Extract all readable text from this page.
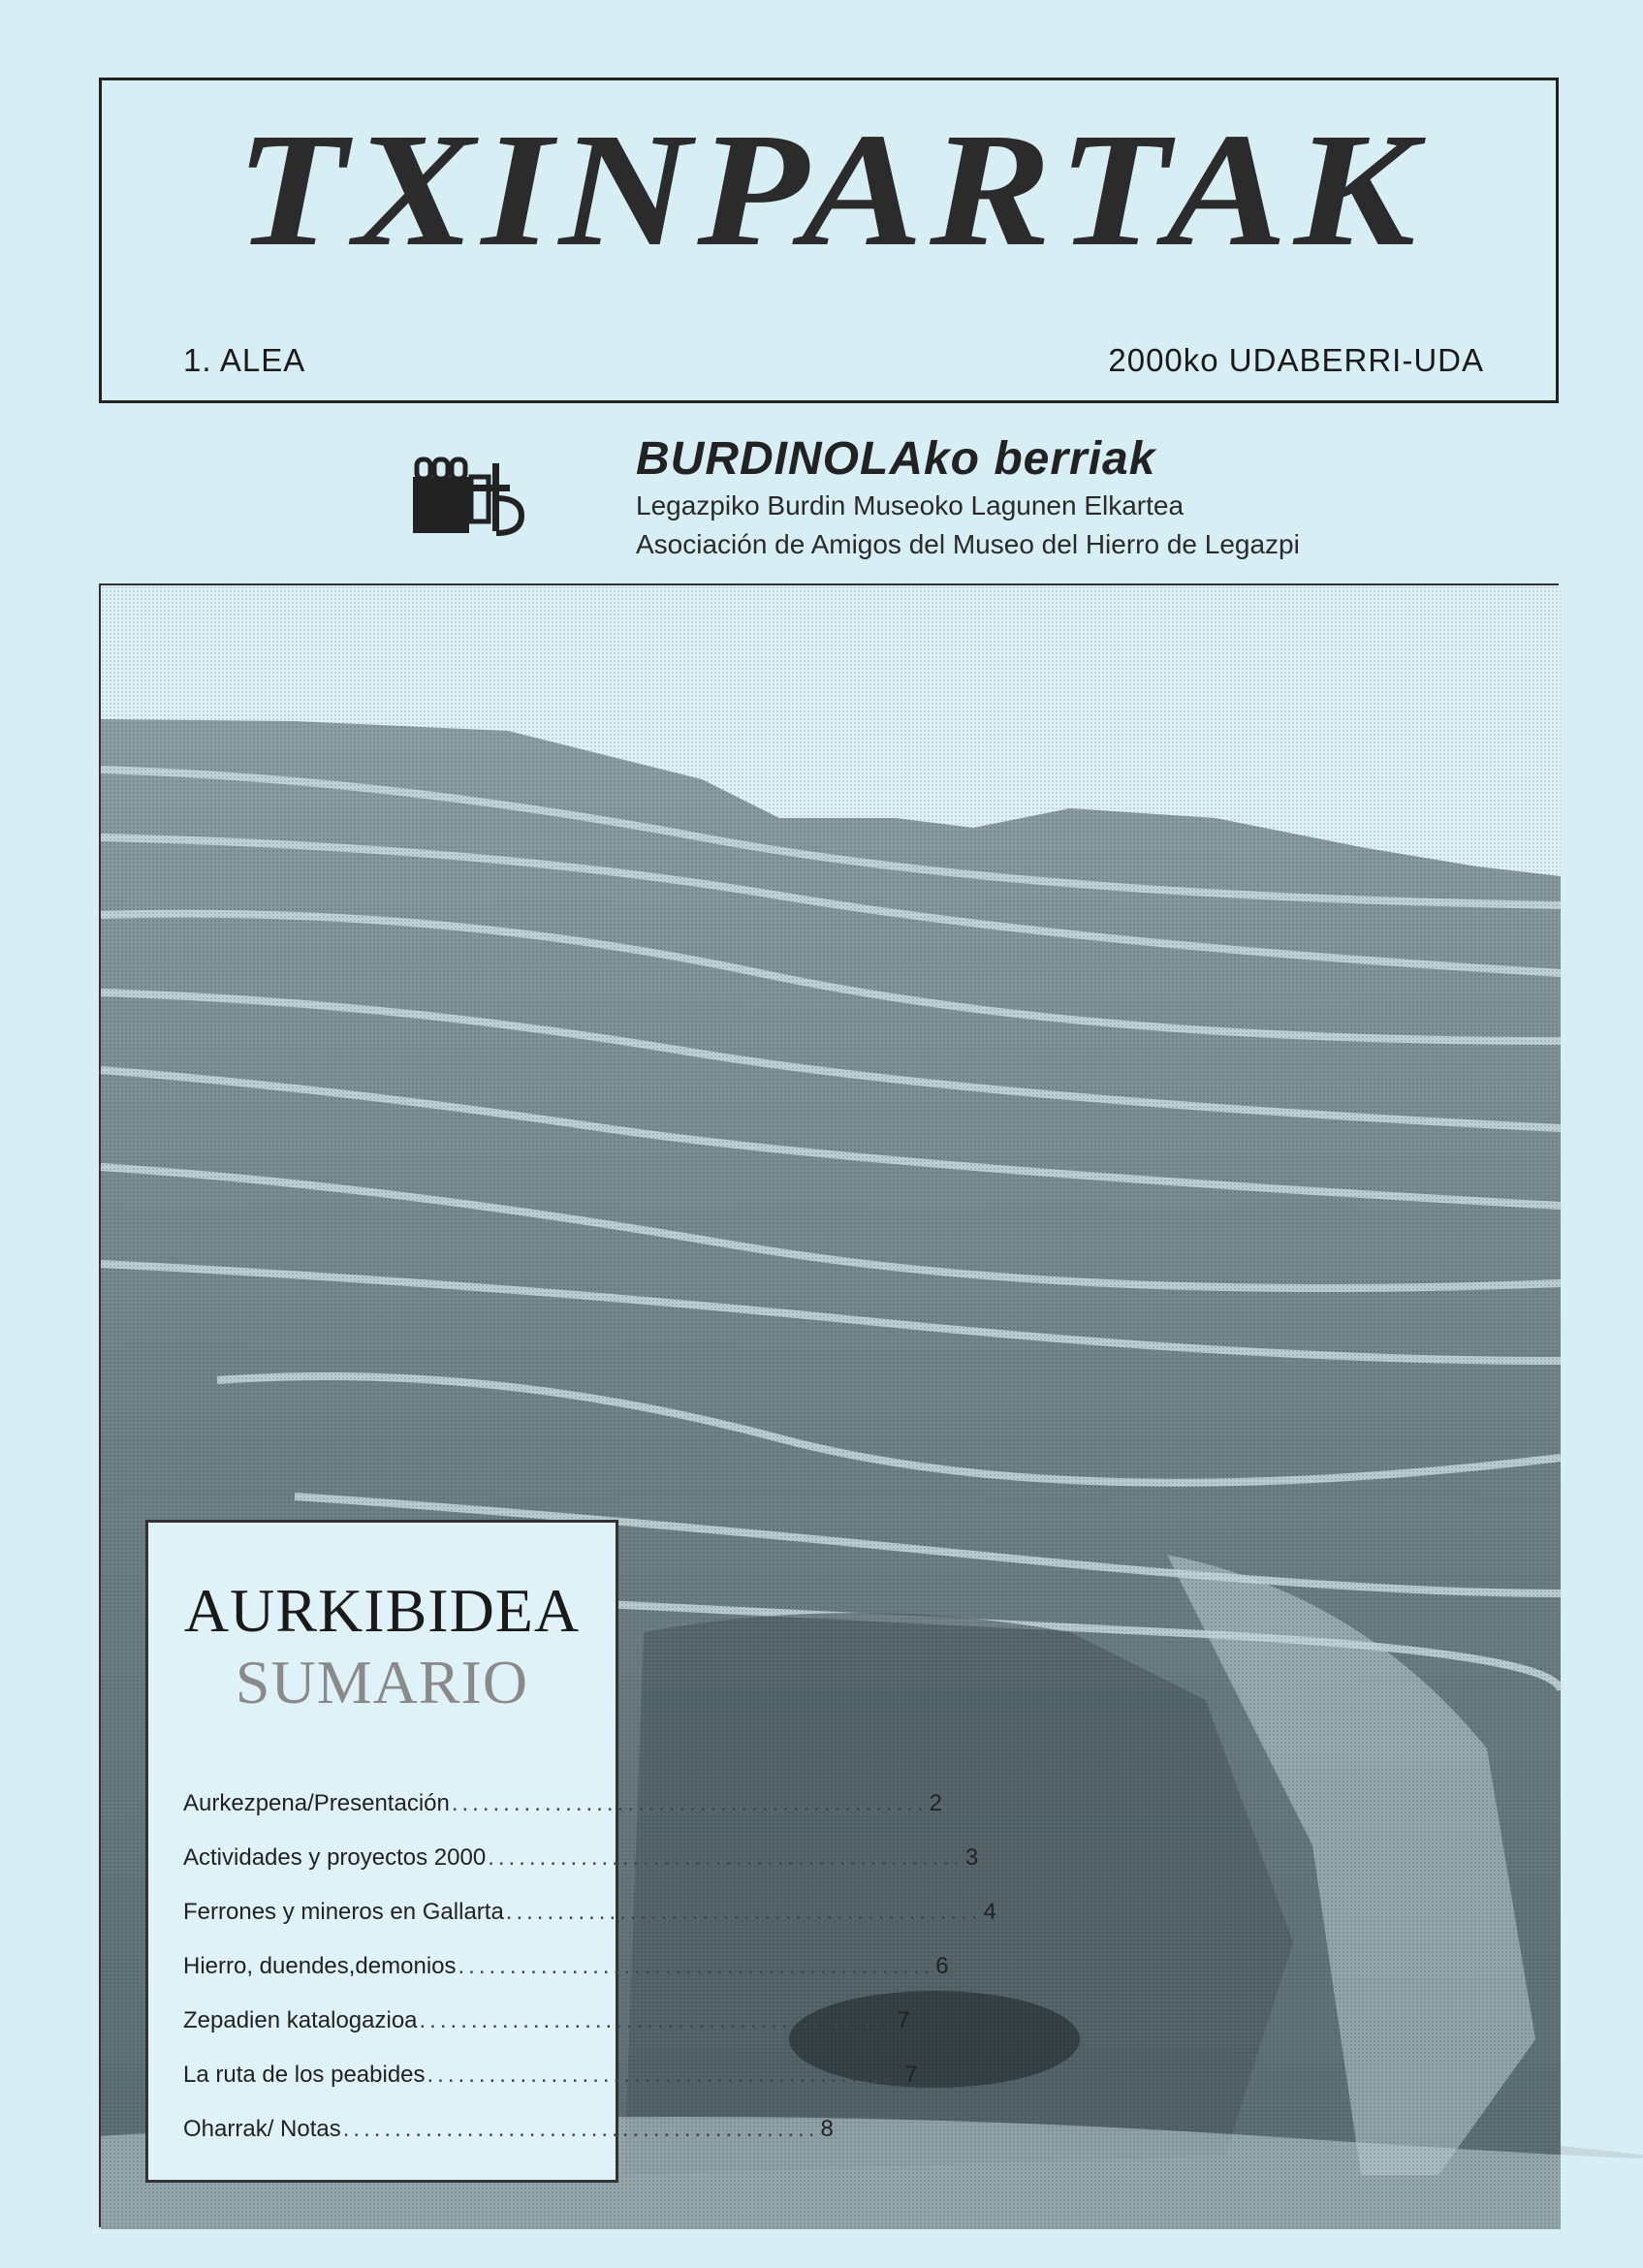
TXINPARTAK
1. ALEA	2000ko UDABERRI-UDA
BURDINOLAko berriak
Legazpiko Burdin Museoko Lagunen Elkartea
Asociación de Amigos del Museo del Hierro de Legazpi
AURKIBIDEA
SUMARIO
Aurkezpena/Presentación .............................................. 2
Actividades y proyectos 2000 .............................................. 3
Ferrones y mineros en Gallarta .............................................. 4
Hierro, duendes,demonios .............................................. 6
Zepadien katalogazioa .............................................. 7
La ruta de los peabides .............................................. 7
Oharrak/ Notas .............................................. 8
